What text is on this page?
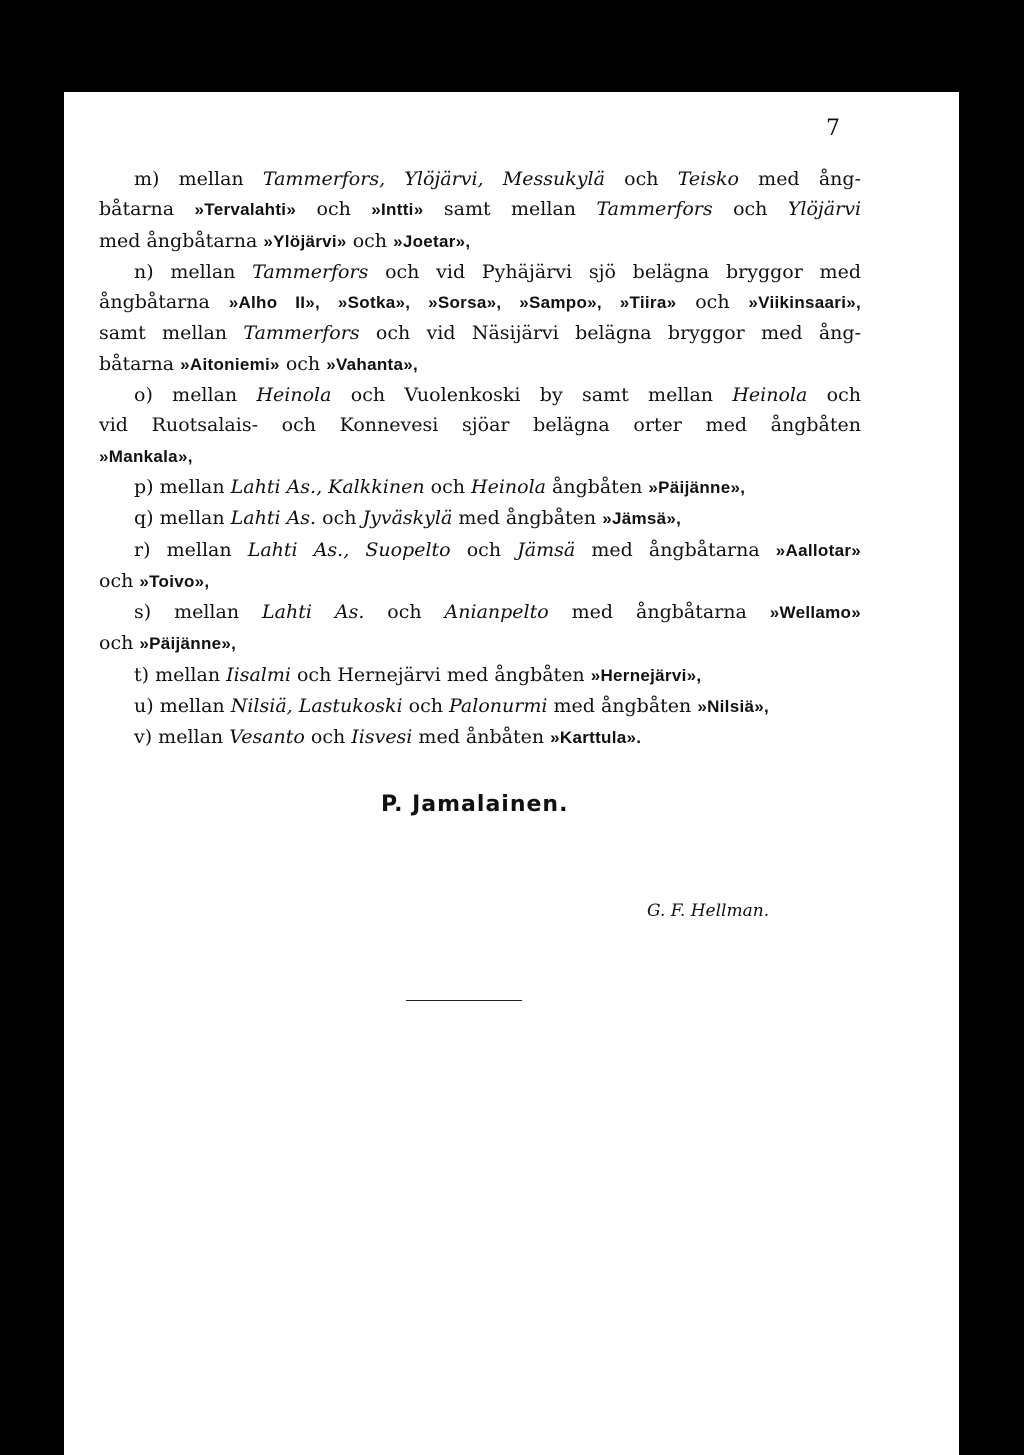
7
m) mellan Tammerfors, Ylöjärvi, Messukylä och Teisko med ång-
båtarna »Tervalahti» och »Intti» samt mellan Tammerfors och Ylöjärvi
med ångbåtarna »Ylöjärvi» och »Joetar»,
n) mellan Tammerfors och vid Pyhäjärvi sjö belägna bryggor med
ångbåtarna »Alho II», »Sotka», »Sorsa», »Sampo», »Tiira» och »Viikinsaari»,
samt mellan Tammerfors och vid Näsijärvi belägna bryggor med ång-
båtarna »Aitoniemi» och »Vahanta»,
o) mellan Heinola och Vuolenkoski by samt mellan Heinola och
vid Ruotsalais- och Konnevesi sjöar belägna orter med ångbåten
»Mankala»,
p) mellan Lahti As., Kalkkinen och Heinola ångbåten »Päijänne»,
q) mellan Lahti As. och Jyväskylä med ångbåten »Jämsä»,
r) mellan Lahti As., Suopelto och Jämsä med ångbåtarna »Aallotar»
och »Toivo»,
s) mellan Lahti As. och Anianpelto med ångbåtarna »Wellamo»
och »Päijänne»,
t) mellan Iisalmi och Hernejärvi med ångbåten »Hernejärvi»,
u) mellan Nilsiä, Lastukoski och Palonurmi med ångbåten »Nilsiä»,
v) mellan Vesanto och Iisvesi med ånbåten »Karttula».
P. Jamalainen.
G. F. Hellman.
